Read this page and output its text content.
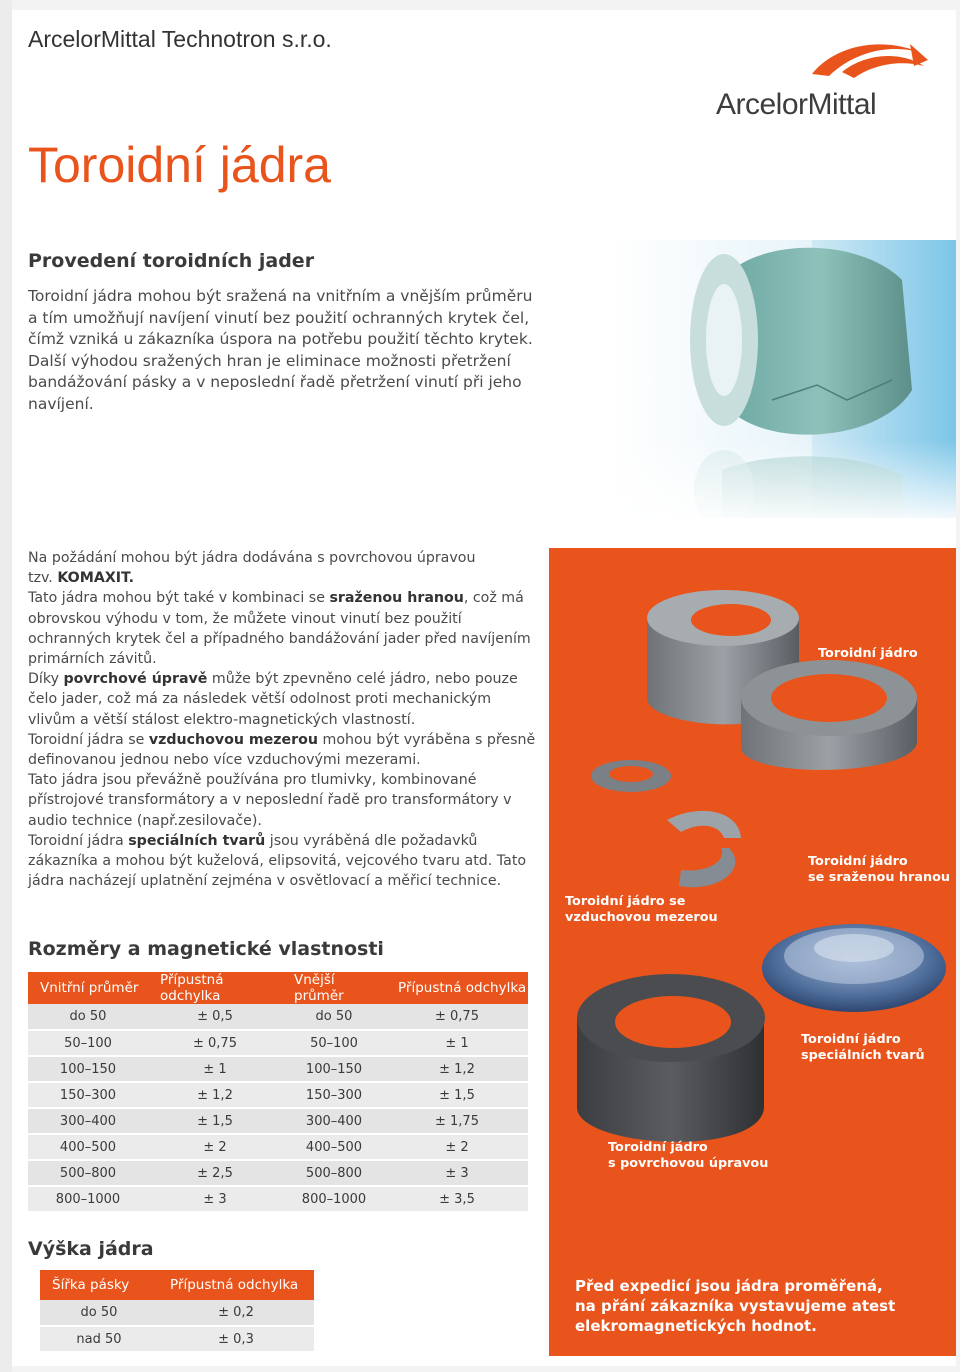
ArcelorMittal Technotron s.r.o.
ArcelorMittal
Toroidní jádra
Provedení toroidních jader
Toroidní jádra mohou být sražená na vnitřním a vnějším průměru
a tím umožňují navíjení vinutí bez použití ochranných krytek čel,
čímž vzniká u zákazníka úspora na potřebu použití těchto krytek.
Další výhodou sražených hran je eliminace možnosti přetržení
bandážování pásky a v neposlední řadě přetržení vinutí při jeho navíjení.

Na požádání mohou být jádra dodávána s povrchovou úpravou

tzv. KOMAXIT.

Tato jádra mohou být také v kombinaci se sraženou hranou, což má obrovskou výhodu v tom, že můžete vinout vinutí bez použití ochranných krytek čel a případného bandážování jader před navíjením primárních závitů.

Díky povrchové úpravě může být zpevněno celé jádro, nebo pouze čelo jader, což má za následek větší odolnost proti mechanickým vlivům a větší stálost elektro-magnetických vlastností.

Toroidní jádra se vzduchovou mezerou mohou být vyráběna s přesně definovanou jednou nebo více vzduchovými mezerami.

Tato jádra jsou převážně používána pro tlumivky, kombinované přístrojové transformátory a v neposlední řadě pro transformátory v audio technice (např.zesilovače).

Toroidní jádra speciálních tvarů jsou vyráběná dle požadavků zákazníka a mohou být kuželová, elipsovitá, vejcového tvaru atd. Tato jádra nacházejí uplatnění zejména v osvětlovací a měřicí technice.

Toroidní jádro
Toroidní jádro
se sraženou hranou
Toroidní jádro se
vzduchovou mezerou
Toroidní jádro
speciálních tvarů
Toroidní jádro
s povrchovou úpravou
Před expedicí jsou jádra proměřená,
na přání zákazníka vystavujeme atest
elekromagnetických hodnot.
Rozměry a magnetické vlastnosti
Vnitřní průměr	Přípustná odchylka	Vnější průměr	Přípustná odchylka
do 50	± 0,5	do 50	± 0,75
50–100	± 0,75	50–100	± 1
100–150	± 1	100–150	± 1,2
150–300	± 1,2	150–300	± 1,5
300–400	± 1,5	300–400	± 1,75
400–500	± 2	400–500	± 2
500–800	± 2,5	500–800	± 3
800–1000	± 3	800–1000	± 3,5
Výška jádra
Šířka pásky	Přípustná odchylka
do 50	± 0,2
nad 50	± 0,3
